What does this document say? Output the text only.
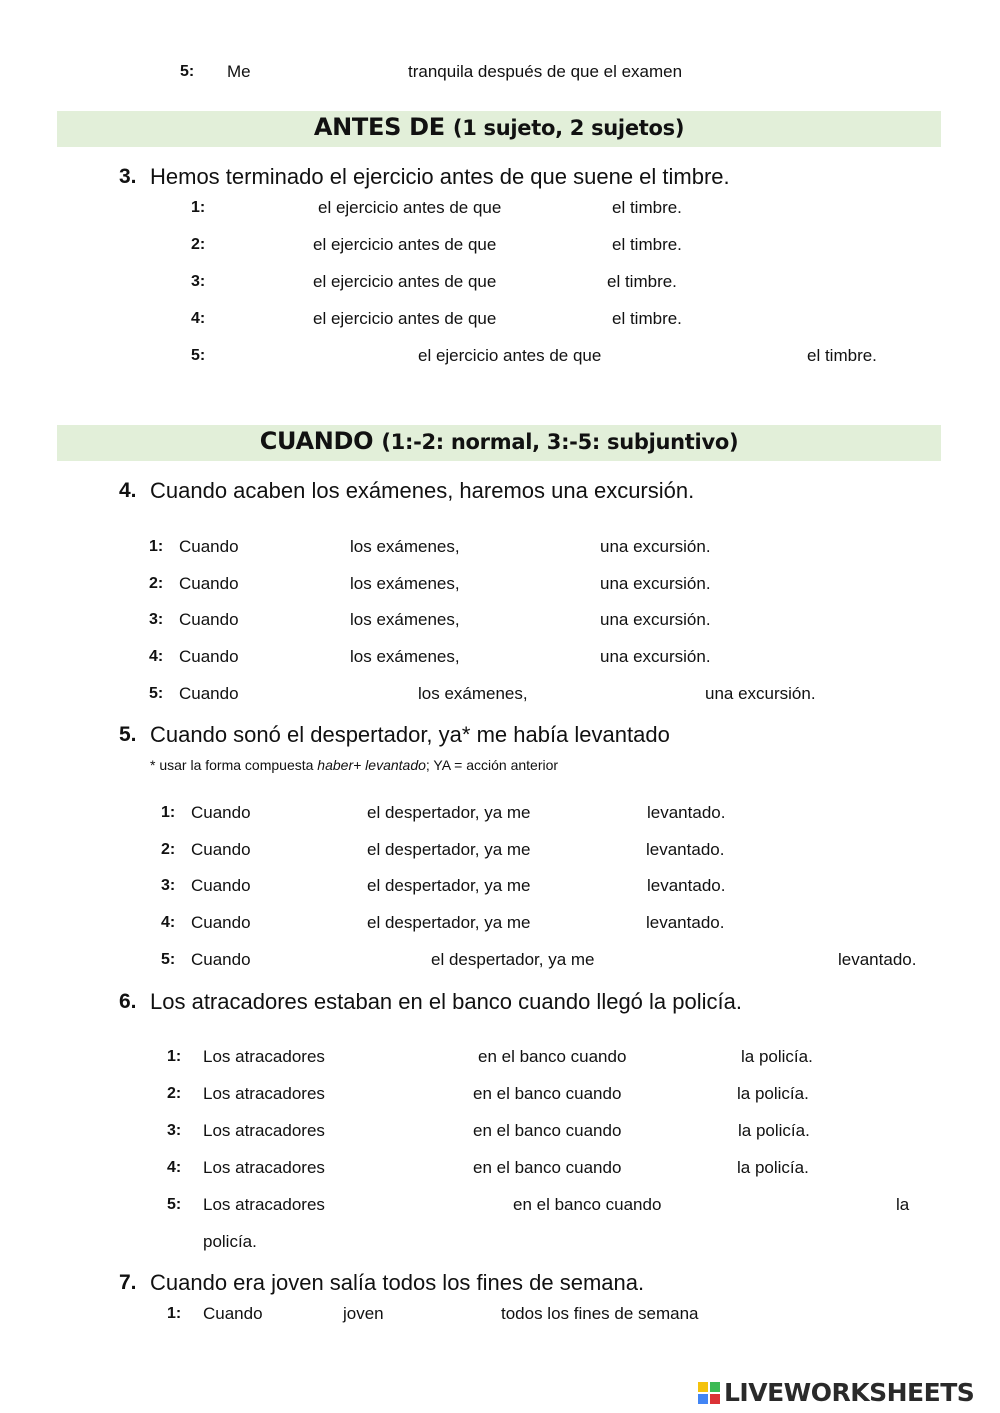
5: Me	tranquila después de que el examen
ANTES DE (1 sujeto, 2 sujetos)
3. Hemos terminado el ejercicio antes de que suene el timbre.
1:	el ejercicio antes de que	el timbre.
2:	el ejercicio antes de que	el timbre.
3:	el ejercicio antes de que	el timbre.
4:	el ejercicio antes de que	el timbre.
5:	el ejercicio antes de que	el timbre.
CUANDO (1:-2: normal, 3:-5: subjuntivo)
4. Cuando acaben los exámenes, haremos una excursión.
1: Cuando	los exámenes,	una excursión.
2: Cuando	los exámenes,	una excursión.
3: Cuando	los exámenes,	una excursión.
4: Cuando	los exámenes,	una excursión.
5: Cuando	los exámenes,	una excursión.
5. Cuando sonó el despertador, ya* me había levantado
* usar la forma compuesta haber+ levantado; YA = acción anterior
1: Cuando	el despertador, ya me	levantado.
2: Cuando	el despertador, ya me	levantado.
3: Cuando	el despertador, ya me	levantado.
4: Cuando	el despertador, ya me	levantado.
5: Cuando	el despertador, ya me	levantado.
6. Los atracadores estaban en el banco cuando llegó la policía.
1: Los atracadores	en el banco cuando	la policía.
2: Los atracadores	en el banco cuando	la policía.
3: Los atracadores	en el banco cuando	la policía.
4: Los atracadores	en el banco cuando	la policía.
5: Los atracadores	en el banco cuando	la
policía.
7. Cuando era joven salía todos los fines de semana.
1: Cuando	joven	todos los fines de semana
LIVEWORKSHEETS
